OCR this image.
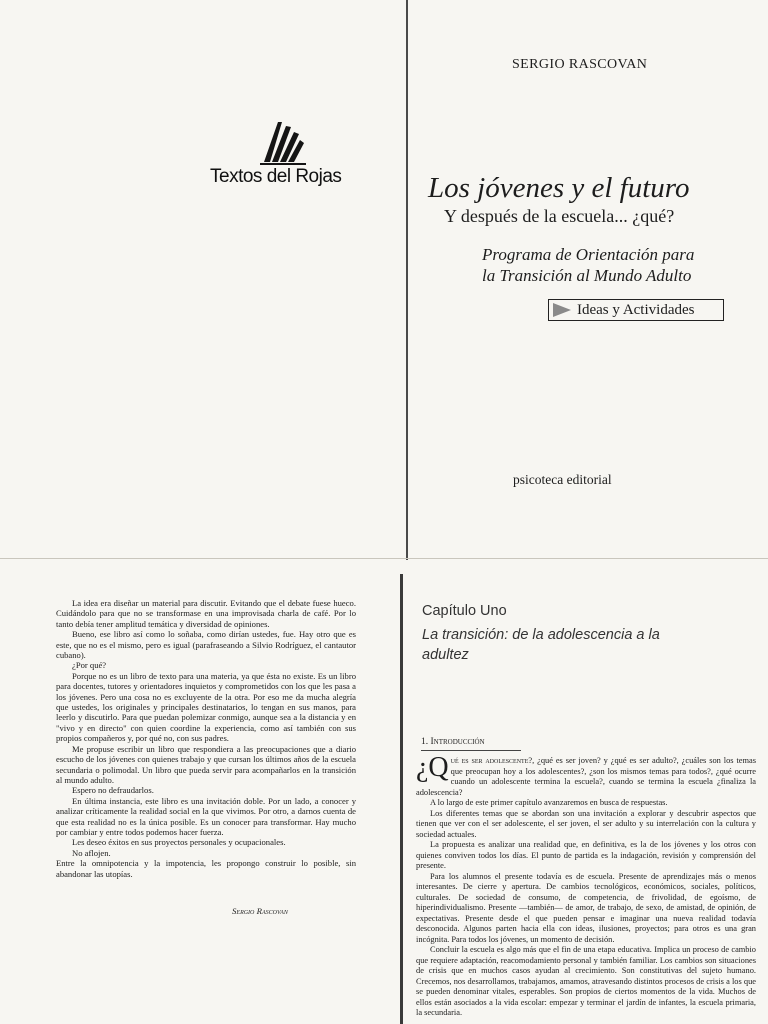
Textos del Rojas
SERGIO RASCOVAN
Los jóvenes y el futuro
Y después de la escuela... ¿qué?
Programa de Orientación para
la Transición al Mundo Adulto
Ideas y Actividades
psicoteca editorial

La idea era diseñar un material para discutir. Evitando que el debate fuese hueco. Cuidándolo para que no se transformase en una improvisada charla de café. Por lo tanto debía tener amplitud temática y diversidad de opiniones.

Bueno, ese libro así como lo soñaba, como dirían ustedes, fue. Hay otro que es este, que no es el mismo, pero es igual (parafraseando a Silvio Rodríguez, el cantautor cubano).

¿Por qué?

Porque no es un libro de texto para una materia, ya que ésta no existe. Es un libro para docentes, tutores y orientadores inquietos y comprometidos con los que les pasa a los jóvenes. Pero una cosa no es excluyente de la otra. Por eso me da mucha alegría que ustedes, los originales y principales destinatarios, lo tengan en sus manos, para leerlo y discutirlo. Para que puedan polemizar conmigo, aunque sea a la distancia y en "vivo y en directo" con quien coordine la experiencia, como así también con sus propios compañeros y, por qué no, con sus padres.

Me propuse escribir un libro que respondiera a las preocupaciones que a diario escucho de los jóvenes con quienes trabajo y que cursan los últimos años de la escuela secundaria o polimodal. Un libro que pueda servir para acompañarlos en la transición al mundo adulto.

Espero no defraudarlos.

En última instancia, este libro es una invitación doble. Por un lado, a conocer y analizar críticamente la realidad social en la que vivimos. Por otro, a darnos cuenta de que esta realidad no es la única posible. Es un conocer para transformar. Hay mucho por cambiar y entre todos podemos hacer fuerza.

Les deseo éxitos en sus proyectos personales y ocupacionales.

No aflojen.

Entre la omnipotencia y la impotencia, les propongo construir lo posible, sin abandonar las utopías.

Sergio Rascovan
Capítulo Uno
La transición: de la adolescencia a la adultez
1. Introducción

¿Q ué es ser adolescente?, ¿qué es ser joven? y ¿qué es ser adulto?, ¿cuáles son los temas que preocupan hoy a los adolescentes?, ¿son los mismos temas para todos?, ¿qué ocurre cuando un adolescente termina la escuela?, cuando se termina la escuela ¿finaliza la adolescencia?

A lo largo de este primer capítulo avanzaremos en busca de respuestas.

Los diferentes temas que se abordan son una invitación a explorar y descubrir aspectos que tienen que ver con el ser adolescente, el ser joven, el ser adulto y su interrelación con la cultura y sociedad actuales.

La propuesta es analizar una realidad que, en definitiva, es la de los jóvenes y los otros con quienes conviven todos los días. El punto de partida es la indagación, revisión y comprensión del presente.

Para los alumnos el presente todavía es de escuela. Presente de aprendizajes más o menos interesantes. De cierre y apertura. De cambios tecnológicos, económicos, sociales, políticos, culturales. De sociedad de consumo, de competencia, de frivolidad, de egoísmo, de hiperindividualismo. Presente —también— de amor, de trabajo, de sexo, de amistad, de opinión, de expectativas. Presente desde el que pueden pensar e imaginar una nueva realidad todavía desconocida. Algunos parten hacia ella con ideas, ilusiones, proyectos; para otros es una gran incógnita. Para todos los jóvenes, un momento de decisión.

Concluir la escuela es algo más que el fin de una etapa educativa. Implica un proceso de cambio que requiere adaptación, reacomodamiento personal y también familiar. Los cambios son situaciones de crisis que en muchos casos ayudan al crecimiento. Son constitutivas del sujeto humano. Crecemos, nos desarrollamos, trabajamos, amamos, atravesando distintos procesos de crisis a los que se pueden denominar vitales, esperables. Son propios de ciertos momentos de la vida. Muchos de ellos están asociados a la vida escolar: empezar y terminar el jardín de infantes, la escuela primaria, la secundaria.
